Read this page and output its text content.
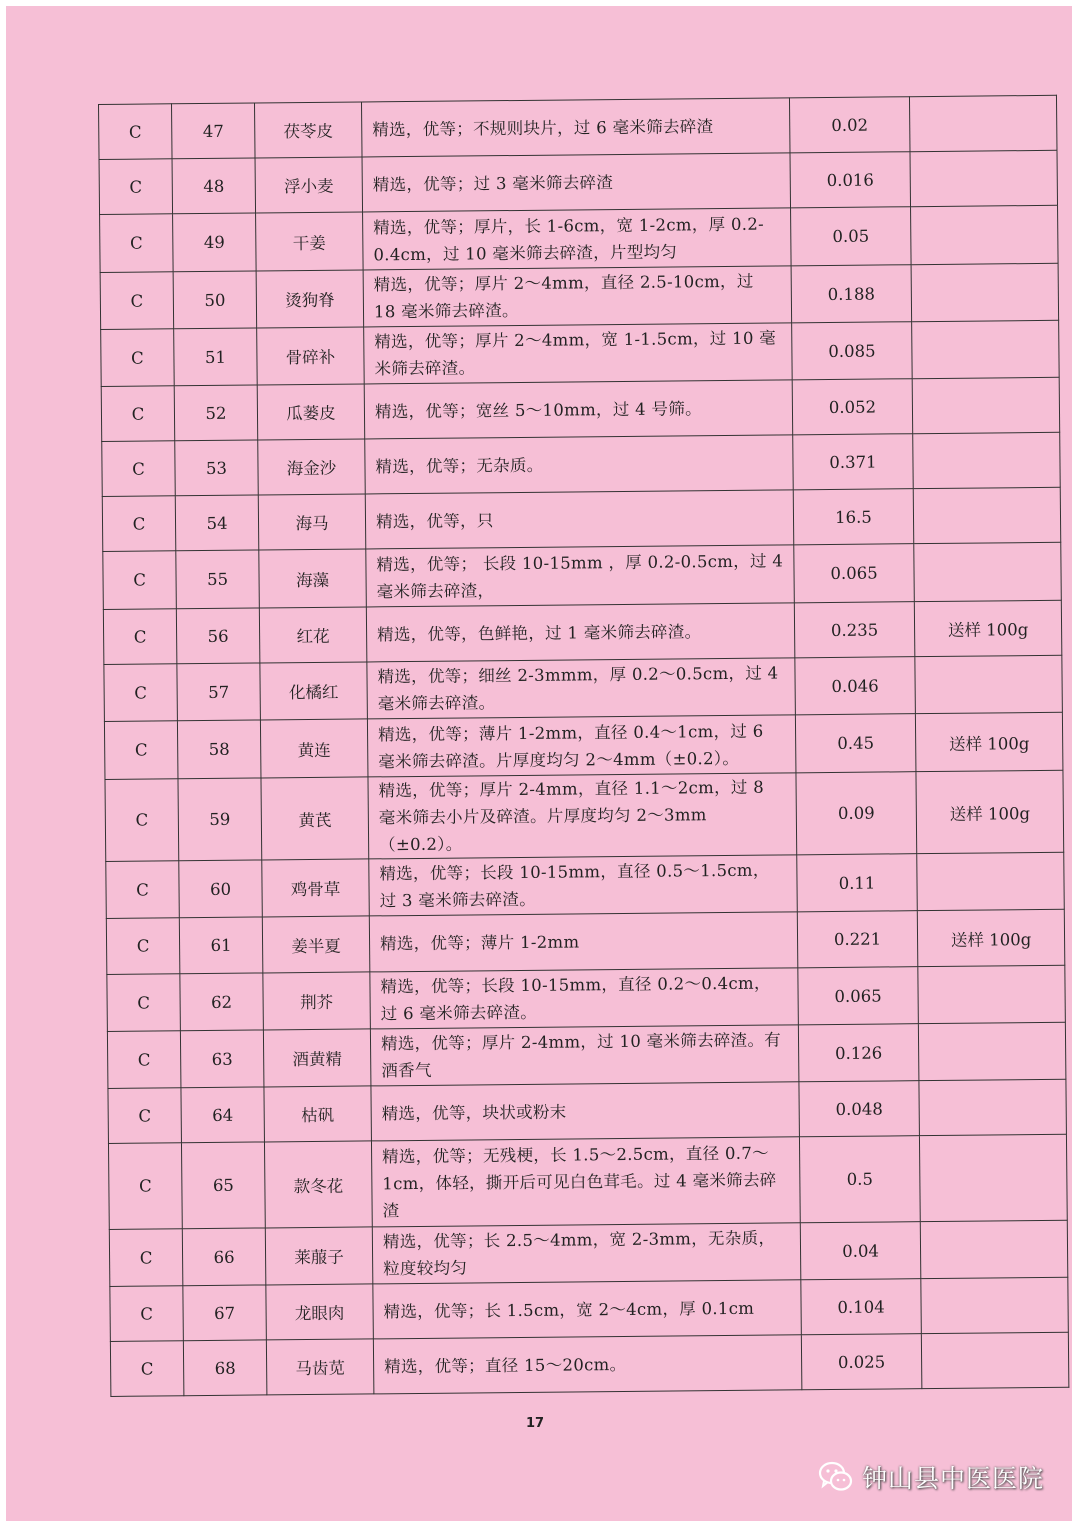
C	47	茯苓皮	精选，优等；不规则块片，过 6 毫米筛去碎渣	0.02	
C	48	浮小麦	精选，优等；过 3 毫米筛去碎渣	0.016	
C	49	干姜	精选，优等；厚片，长 1-6cm，宽 1-2cm，厚 0.2-0.4cm，过 10 毫米筛去碎渣，片型均匀	0.05	
C	50	烫狗脊	精选，优等；厚片 2～4mm，直径 2.5-10cm，过 18 毫米筛去碎渣。	0.188	
C	51	骨碎补	精选，优等；厚片 2～4mm，宽 1-1.5cm，过 10 毫米筛去碎渣。	0.085	
C	52	瓜蒌皮	精选，优等；宽丝 5～10mm，过 4 号筛。	0.052	
C	53	海金沙	精选，优等；无杂质。	0.371	
C	54	海马	精选，优等，只	16.5	
C	55	海藻	精选，优等； 长段 10-15mm ，厚 0.2-0.5cm，过 4 毫米筛去碎渣，	0.065	
C	56	红花	精选，优等，色鲜艳，过 1 毫米筛去碎渣。	0.235	送样 100g
C	57	化橘红	精选，优等；细丝 2-3mmm，厚 0.2～0.5cm，过 4 毫米筛去碎渣。	0.046	
C	58	黄连	精选，优等；薄片 1-2mm，直径 0.4～1cm，过 6 毫米筛去碎渣。片厚度均匀 2～4mm（±0.2）。	0.45	送样 100g
C	59	黄芪	精选，优等；厚片 2-4mm，直径 1.1～2cm，过 8 毫米筛去小片及碎渣。片厚度均匀 2～3mm（±0.2）。	0.09	送样 100g
C	60	鸡骨草	精选，优等；长段 10-15mm，直径 0.5～1.5cm，过 3 毫米筛去碎渣。	0.11	
C	61	姜半夏	精选，优等；薄片 1-2mm	0.221	送样 100g
C	62	荆芥	精选，优等；长段 10-15mm，直径 0.2～0.4cm，过 6 毫米筛去碎渣。	0.065	
C	63	酒黄精	精选，优等；厚片 2-4mm，过 10 毫米筛去碎渣。有酒香气	0.126	
C	64	枯矾	精选，优等，块状或粉末	0.048	
C	65	款冬花	精选，优等；无残梗，长 1.5～2.5cm，直径 0.7～1cm，体轻，撕开后可见白色茸毛。过 4 毫米筛去碎渣	0.5	
C	66	莱菔子	精选，优等；长 2.5～4mm，宽 2-3mm，无杂质，粒度较均匀	0.04	
C	67	龙眼肉	精选，优等；长 1.5cm，宽 2～4cm，厚 0.1cm	0.104	
C	68	马齿苋	精选，优等；直径 15～20cm。	0.025	
17
钟山县中医医院
